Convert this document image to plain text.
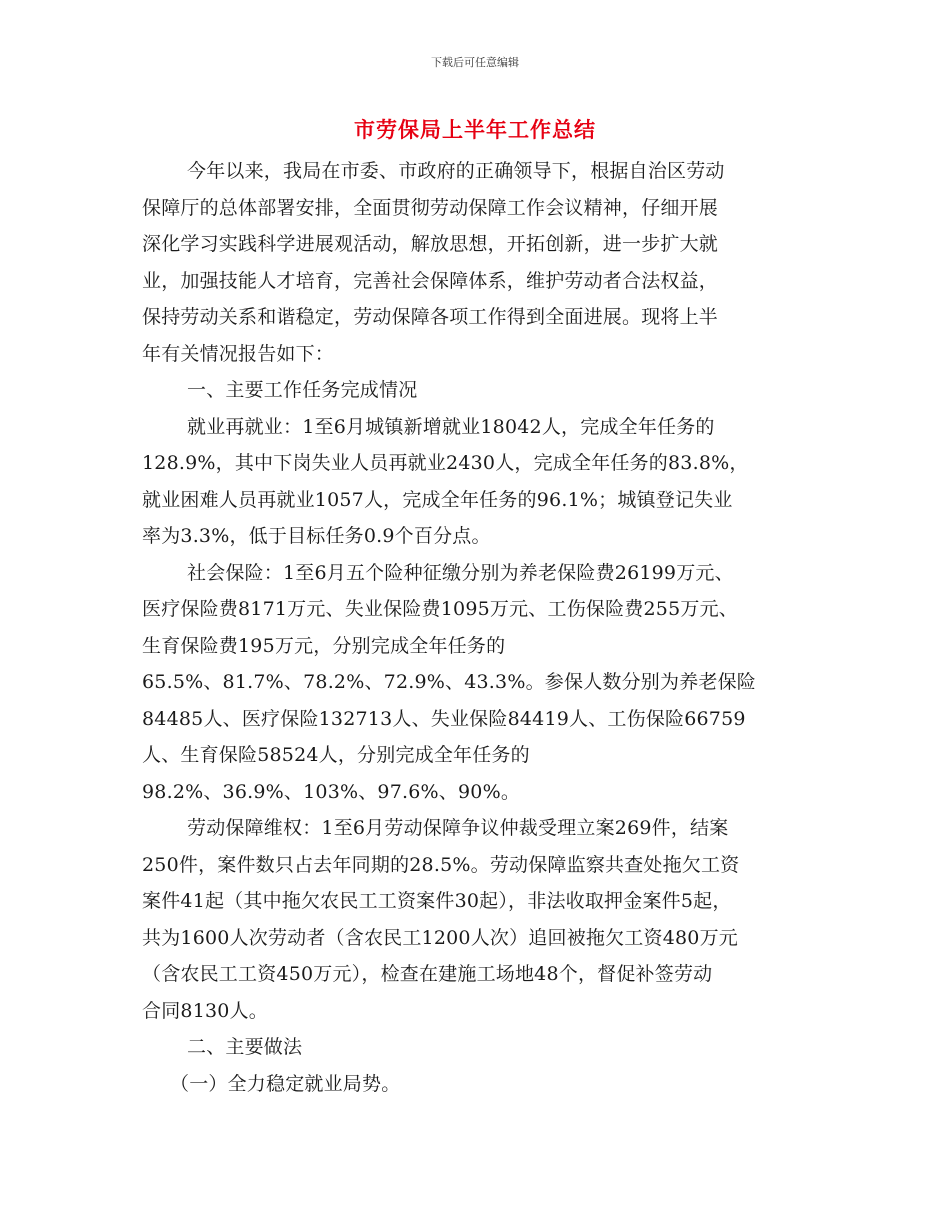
下载后可任意编辑
市劳保局上半年工作总结
今年以来，我局在市委、市政府的正确领导下，根据自治区劳动
保障厅的总体部署安排，全面贯彻劳动保障工作会议精神，仔细开展
深化学习实践科学进展观活动，解放思想，开拓创新，进一步扩大就
业，加强技能人才培育，完善社会保障体系，维护劳动者合法权益，
保持劳动关系和谐稳定，劳动保障各项工作得到全面进展。现将上半
年有关情况报告如下：
一、主要工作任务完成情况
就业再就业：1至6月城镇新增就业18042人，完成全年任务的
128.9%，其中下岗失业人员再就业2430人，完成全年任务的83.8%，
就业困难人员再就业1057人，完成全年任务的96.1%；城镇登记失业
率为3.3%，低于目标任务0.9个百分点。
社会保险：1至6月五个险种征缴分别为养老保险费26199万元、
医疗保险费8171万元、失业保险费1095万元、工伤保险费255万元、
生育保险费195万元，分别完成全年任务的
65.5%、81.7%、78.2%、72.9%、43.3%。参保人数分别为养老保险
84485人、医疗保险132713人、失业保险84419人、工伤保险66759
人、生育保险58524人，分别完成全年任务的
98.2%、36.9%、103%、97.6%、90%。
劳动保障维权：1至6月劳动保障争议仲裁受理立案269件，结案
250件，案件数只占去年同期的28.5%。劳动保障监察共查处拖欠工资
案件41起（其中拖欠农民工工资案件30起），非法收取押金案件5起，
共为1600人次劳动者（含农民工1200人次）追回被拖欠工资480万元
（含农民工工资450万元），检查在建施工场地48个，督促补签劳动
合同8130人。
二、主要做法
（一）全力稳定就业局势。
